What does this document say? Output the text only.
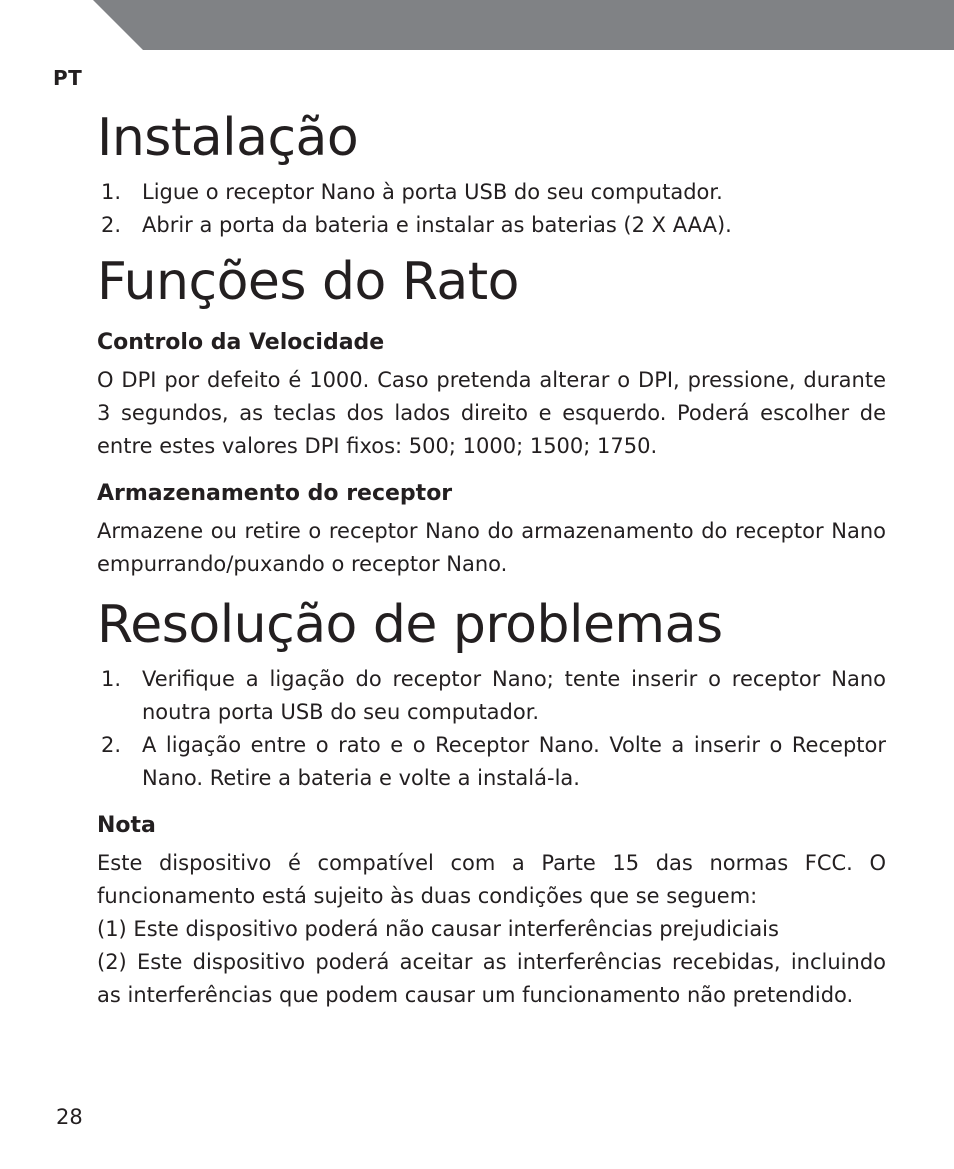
PT
Instalação
1. Ligue o receptor Nano à porta USB do seu computador.
2. Abrir a porta da bateria e instalar as baterias (2 X AAA).
Funções do Rato
Controlo da Velocidade

O DPI por defeito é 1000. Caso pretenda alterar o DPI, pressione, durante 3 segundos, as teclas dos lados direito e esquerdo. Poderá escolher de entre estes valores DPI fixos: 500; 1000; 1500; 1750.

Armazenamento do receptor

Armazene ou retire o receptor Nano do armazenamento do receptor Nano empurrando/puxando o receptor Nano.

Resolução de problemas
1. Verifique a ligação do receptor Nano; tente inserir o receptor Nano noutra porta USB do seu computador.
2. A ligação entre o rato e o Receptor Nano. Volte a inserir o Receptor Nano. Retire a bateria e volte a instalá-la.
Nota

Este dispositivo é compatível com a Parte 15 das normas FCC. O funcionamento está sujeito às duas condições que se seguem:

(1) Este dispositivo poderá não causar interferências prejudiciais

(2) Este dispositivo poderá aceitar as interferências recebidas, incluindo as interferências que podem causar um funcionamento não pretendido.

28
